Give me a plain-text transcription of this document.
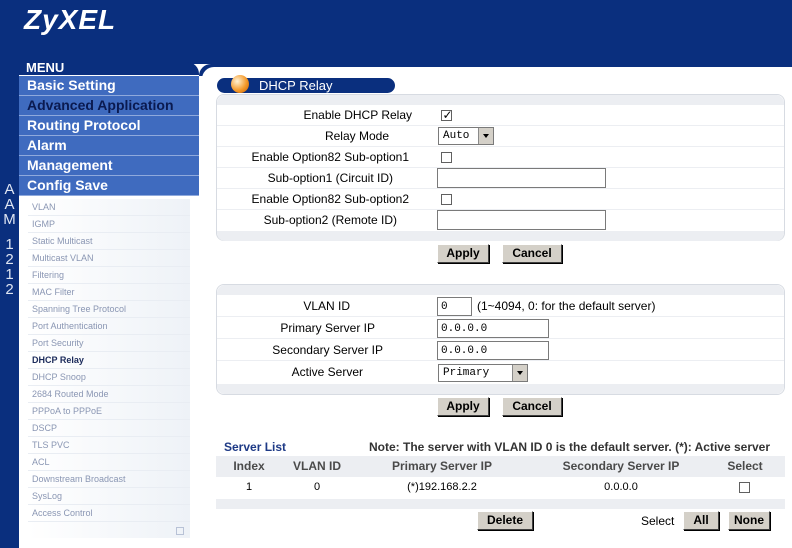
ZyXEL
A
A
M
1
2
1
2
MENU
Basic Setting
Advanced Application
Routing Protocol
Alarm
Management
Config Save
VLAN
IGMP
Static Multicast
Multicast VLAN
Filtering
MAC Filter
Spanning Tree Protocol
Port Authentication
Port Security
DHCP Relay
DHCP Snoop
2684 Routed Mode
PPPoA to PPPoE
DSCP
TLS PVC
ACL
Downstream Broadcast
SysLog
Access Control
DHCP Relay
Enable DHCP Relay	✓
Relay Mode	Auto
Enable Option82 Sub-option1
Sub-option1 (Circuit ID)
Enable Option82 Sub-option2
Sub-option2 (Remote ID)
Apply	Cancel
VLAN ID	0	(1~4094, 0: for the default server)
Primary Server IP	0.0.0.0
Secondary Server IP	0.0.0.0
Active Server	Primary
Apply	Cancel
Server List	Note: The server with VLAN ID 0 is the default server. (*): Active server
Index	VLAN ID	Primary Server IP	Secondary Server IP	Select
1	0	(*)192.168.2.2	0.0.0.0
Delete	Select	All	None
